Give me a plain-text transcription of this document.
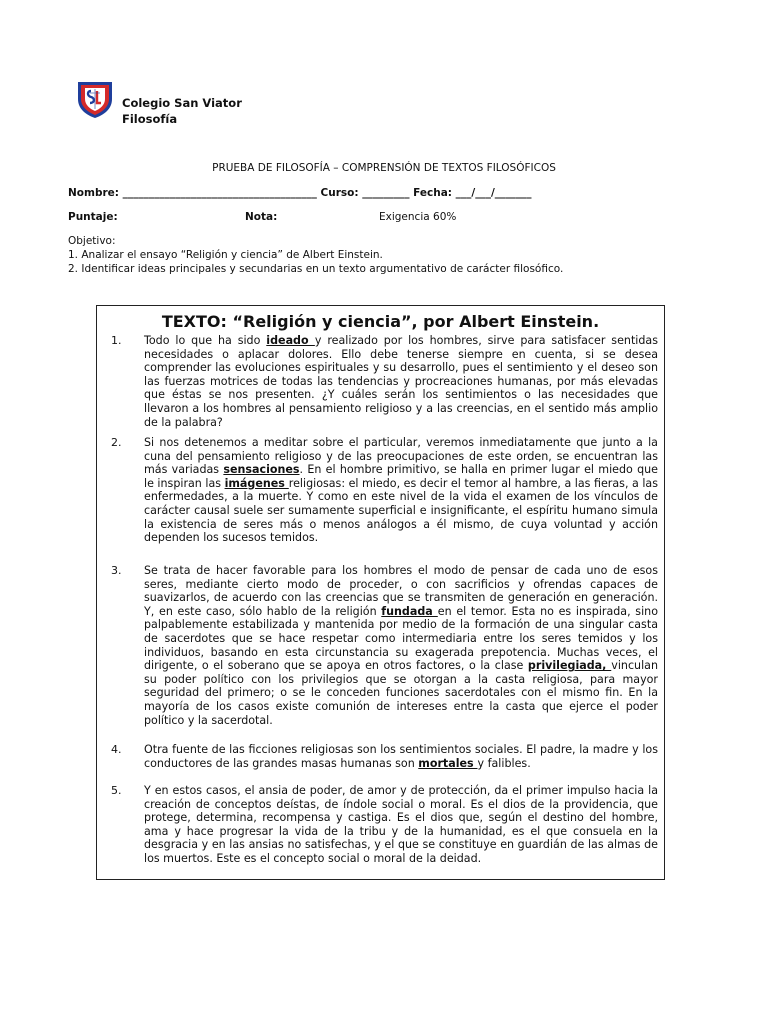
Colegio San Viator
Filosofía
PRUEBA DE FILOSOFÍA – COMPRENSIÓN DE TEXTOS FILOSÓFICOS
Nombre: _____________________________________ Curso: _________ Fecha: ___/___/_______
Puntaje:	Nota:	Exigencia 60%
Objetivo:
1. Analizar el ensayo “Religión y ciencia” de Albert Einstein.
2. Identificar ideas principales y secundarias en un texto argumentativo de carácter filosófico.
TEXTO: “Religión y ciencia”, por Albert Einstein.
1. Todo lo que ha sido ideado y realizado por los hombres, sirve para satisfacer sentidas necesidades o aplacar dolores. Ello debe tenerse siempre en cuenta, si se desea comprender las evoluciones espirituales y su desarrollo, pues el sentimiento y el deseo son las fuerzas motrices de todas las tendencias y procreaciones humanas, por más elevadas que éstas se nos presenten. ¿Y cuáles serán los sentimientos o las necesidades que llevaron a los hombres al pensamiento religioso y a las creencias, en el sentido más amplio de la palabra?
2. Si nos detenemos a meditar sobre el particular, veremos inmediatamente que junto a la cuna del pensamiento religioso y de las preocupaciones de este orden, se encuentran las más variadas sensaciones. En el hombre primitivo, se halla en primer lugar el miedo que le inspiran las imágenes religiosas: el miedo, es decir el temor al hambre, a las fieras, a las enfermedades, a la muerte. Y como en este nivel de la vida el examen de los vínculos de carácter causal suele ser sumamente superficial e insignificante, el espíritu humano simula la existencia de seres más o menos análogos a él mismo, de cuya voluntad y acción dependen los sucesos temidos.
3. Se trata de hacer favorable para los hombres el modo de pensar de cada uno de esos seres, mediante cierto modo de proceder, o con sacrificios y ofrendas capaces de suavizarlos, de acuerdo con las creencias que se transmiten de generación en generación. Y, en este caso, sólo hablo de la religión fundada en el temor. Esta no es inspirada, sino palpablemente estabilizada y mantenida por medio de la formación de una singular casta de sacerdotes que se hace respetar como intermediaria entre los seres temidos y los individuos, basando en esta circunstancia su exagerada prepotencia. Muchas veces, el dirigente, o el soberano que se apoya en otros factores, o la clase privilegiada, vinculan su poder político con los privilegios que se otorgan a la casta religiosa, para mayor seguridad del primero; o se le conceden funciones sacerdotales con el mismo fin. En la mayoría de los casos existe comunión de intereses entre la casta que ejerce el poder político y la sacerdotal.
4. Otra fuente de las ficciones religiosas son los sentimientos sociales. El padre, la madre y los conductores de las grandes masas humanas son mortales y falibles.
5. Y en estos casos, el ansia de poder, de amor y de protección, da el primer impulso hacia la creación de conceptos deístas, de índole social o moral. Es el dios de la providencia, que protege, determina, recompensa y castiga. Es el dios que, según el destino del hombre, ama y hace progresar la vida de la tribu y de la humanidad, es el que consuela en la desgracia y en las ansias no satisfechas, y el que se constituye en guardián de las almas de los muertos. Este es el concepto social o moral de la deidad.
